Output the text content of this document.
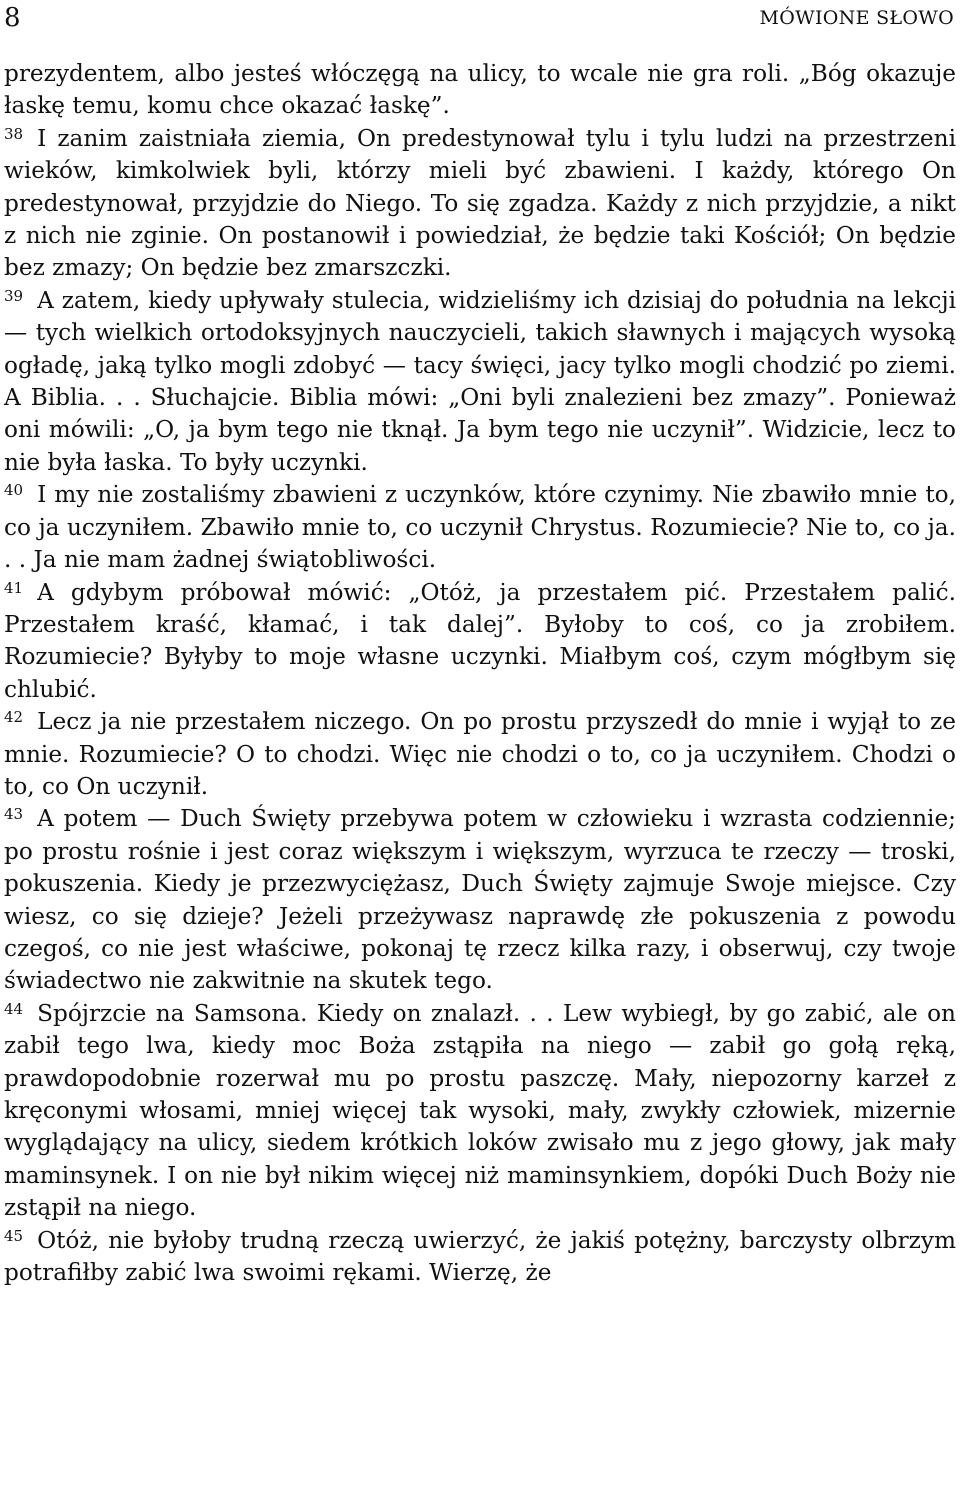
8	MÓWIONE SŁOWO

prezydentem, albo jesteś włóczęgą na ulicy, to wcale nie gra roli. „Bóg okazuje łaskę temu, komu chce okazać łaskę”.

$^{38}$ I zanim zaistniała ziemia, On predestynował tylu i tylu ludzi na przestrzeni wieków, kimkolwiek byli, którzy mieli być zbawieni. I każdy, którego On predestynował, przyjdzie do Niego. To się zgadza. Każdy z nich przyjdzie, a nikt z nich nie zginie. On postanowił i powiedział, że będzie taki Kościół; On będzie bez zmazy; On będzie bez zmarszczki.

$^{39}$ A zatem, kiedy upływały stulecia, widzieliśmy ich dzisiaj do południa na lekcji — tych wielkich ortodoksyjnych nauczycieli, takich sławnych i mających wysoką ogładę, jaką tylko mogli zdobyć — tacy święci, jacy tylko mogli chodzić po ziemi. A Biblia. . . Słuchajcie. Biblia mówi: „Oni byli znalezieni bez zmazy”. Ponieważ oni mówili: „O, ja bym tego nie tknął. Ja bym tego nie uczynił”. Widzicie, lecz to nie była łaska. To były uczynki.

$^{40}$ I my nie zostaliśmy zbawieni z uczynków, które czynimy. Nie zbawiło mnie to, co ja uczyniłem. Zbawiło mnie to, co uczynił Chrystus. Rozumiecie? Nie to, co ja. . . Ja nie mam żadnej świątobliwości.

$^{41}$ A gdybym próbował mówić: „Otóż, ja przestałem pić. Przestałem palić. Przestałem kraść, kłamać, i tak dalej”. Byłoby to coś, co ja zrobiłem. Rozumiecie? Byłyby to moje własne uczynki. Miałbym coś, czym mógłbym się chlubić.

$^{42}$ Lecz ja nie przestałem niczego. On po prostu przyszedł do mnie i wyjął to ze mnie. Rozumiecie? O to chodzi. Więc nie chodzi o to, co ja uczyniłem. Chodzi o to, co On uczynił.

$^{43}$ A potem — Duch Święty przebywa potem w człowieku i wzrasta codziennie; po prostu rośnie i jest coraz większym i większym, wyrzuca te rzeczy — troski, pokuszenia. Kiedy je przezwyciężasz, Duch Święty zajmuje Swoje miejsce. Czy wiesz, co się dzieje? Jeżeli przeżywasz naprawdę złe pokuszenia z powodu czegoś, co nie jest właściwe, pokonaj tę rzecz kilka razy, i obserwuj, czy twoje świadectwo nie zakwitnie na skutek tego.

$^{44}$ Spójrzcie na Samsona. Kiedy on znalazł. . . Lew wybiegł, by go zabić, ale on zabił tego lwa, kiedy moc Boża zstąpiła na niego — zabił go gołą ręką, prawdopodobnie rozerwał mu po prostu paszczę. Mały, niepozorny karzeł z kręconymi włosami, mniej więcej tak wysoki, mały, zwykły człowiek, mizernie wyglądający na ulicy, siedem krótkich loków zwisało mu z jego głowy, jak mały maminsynek. I on nie był nikim więcej niż maminsynkiem, dopóki Duch Boży nie zstąpił na niego.

$^{45}$ Otóż, nie byłoby trudną rzeczą uwierzyć, że jakiś potężny, barczysty olbrzym potrafiłby zabić lwa swoimi rękami. Wierzę, że
